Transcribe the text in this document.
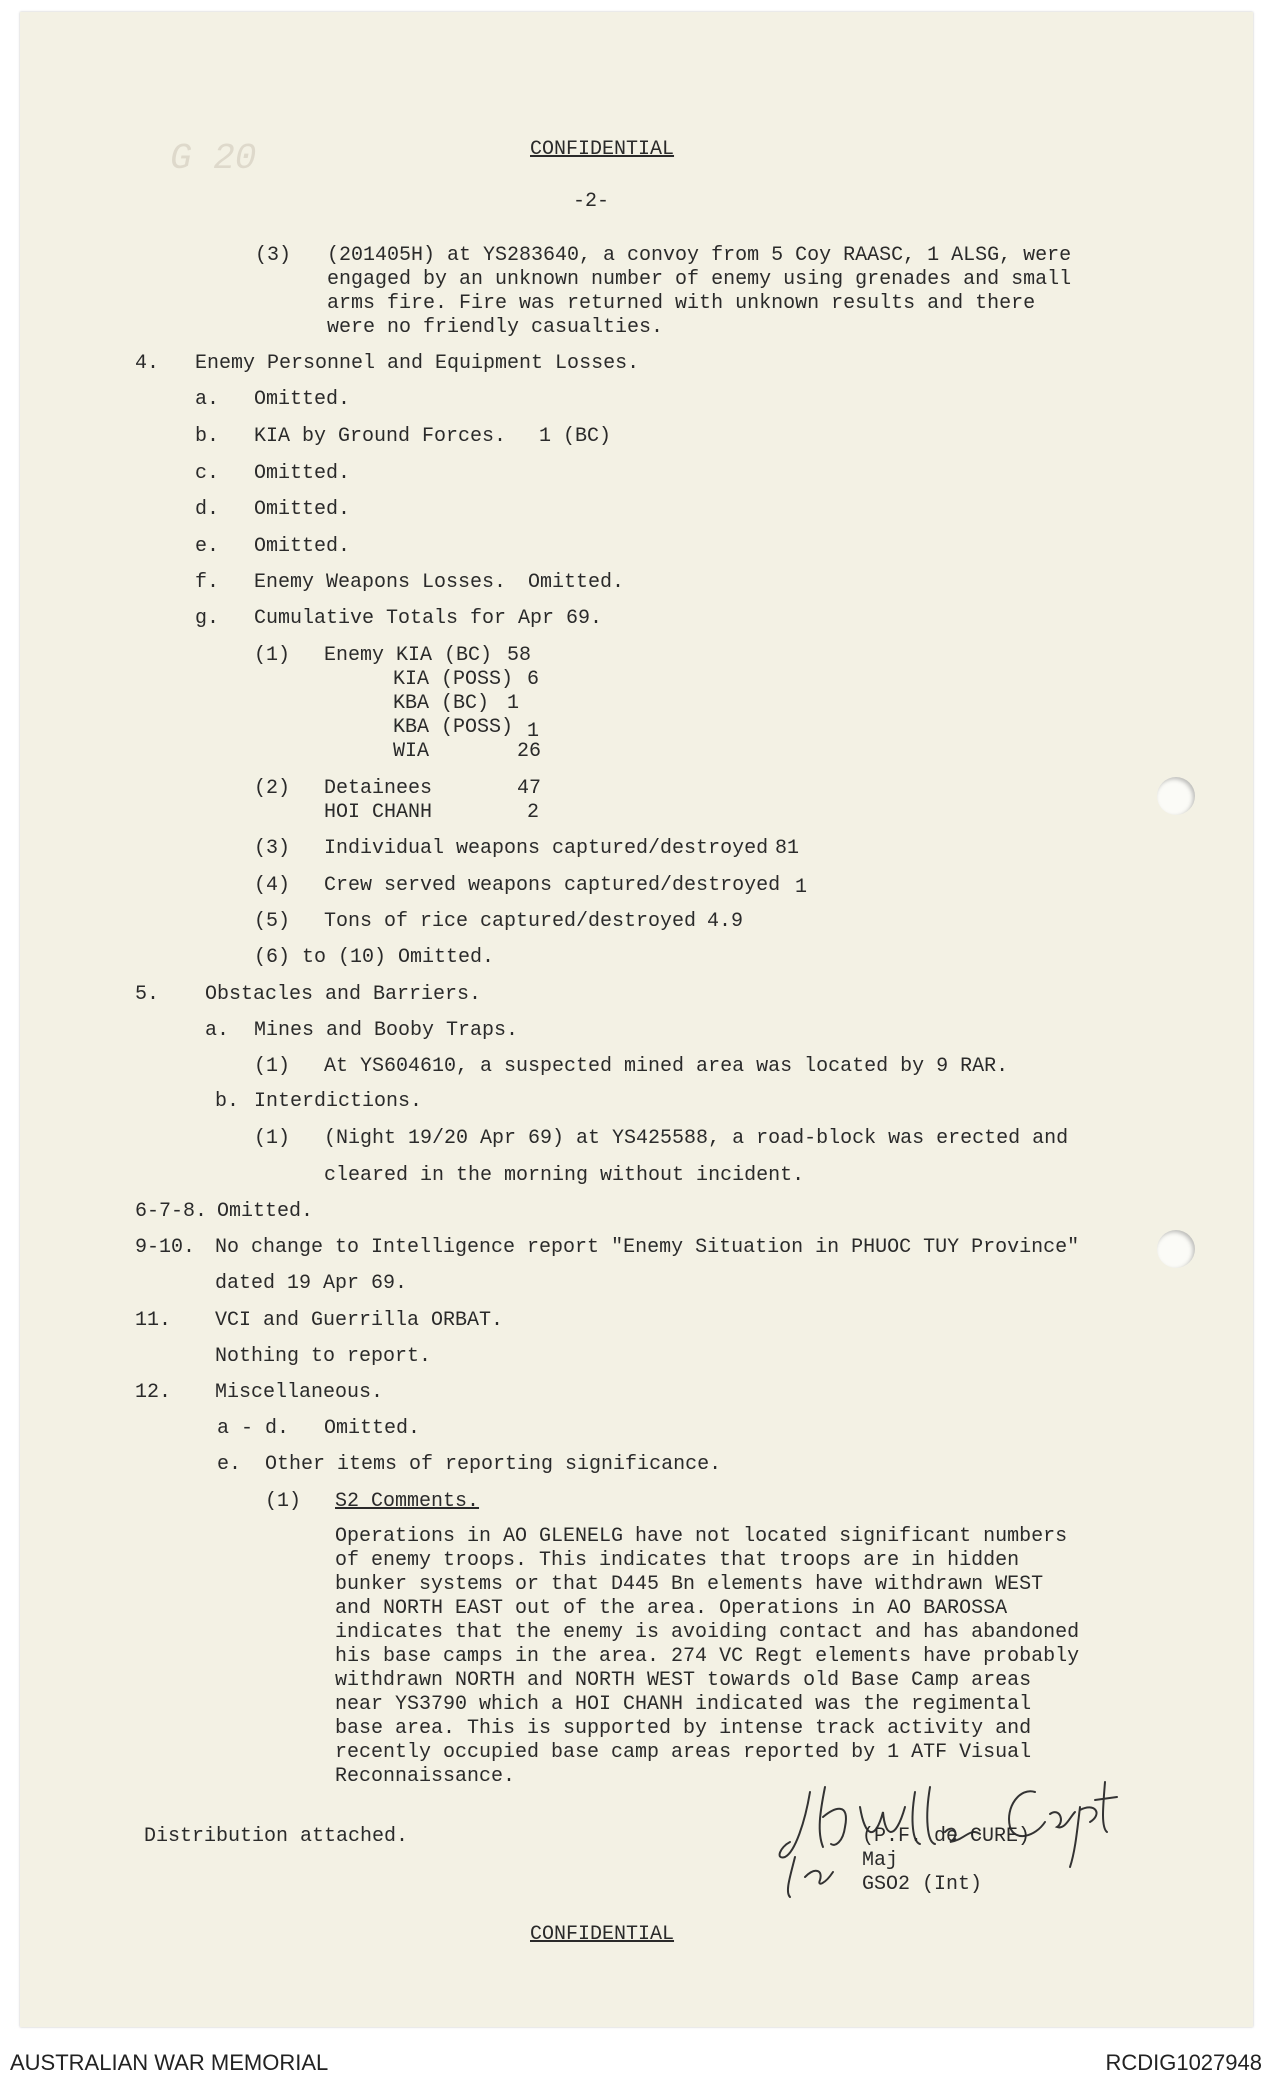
G 20	CONFIDENTIAL
-2-
(3) (201405H) at YS283640, a convoy from 5 Coy RAASC, 1 ALSG, were
engaged by an unknown number of enemy using grenades and small
arms fire. Fire was returned with unknown results and there
were no friendly casualties.
4. Enemy Personnel and Equipment Losses.
a. Omitted.
b. KIA by Ground Forces. 1 (BC)
c. Omitted.
d. Omitted.
e. Omitted.
f. Enemy Weapons Losses. Omitted.
g. Cumulative Totals for Apr 69.
(1) Enemy KIA (BC) 58
KIA (POSS) 6
KBA (BC) 1
KBA (POSS) 1
WIA	26
(2) Detainees	47
HOI CHANH	2
(3) Individual weapons captured/destroyed 81
(4) Crew served weapons captured/destroyed 1
(5) Tons of rice captured/destroyed 4.9
(6) to (10) Omitted.
5. Obstacles and Barriers.
a. Mines and Booby Traps.
(1) At YS604610, a suspected mined area was located by 9 RAR.
b. Interdictions.
(1) (Night 19/20 Apr 69) at YS425588, a road-block was erected and
cleared in the morning without incident.
6-7-8. Omitted.
9-10. No change to Intelligence report "Enemy Situation in PHUOC TUY Province"
dated 19 Apr 69.
11. VCI and Guerrilla ORBAT.
Nothing to report.
12. Miscellaneous.
a - d. Omitted.
e. Other items of reporting significance.
(1) S2 Comments.
Operations in AO GLENELG have not located significant numbers
of enemy troops. This indicates that troops are in hidden
bunker systems or that D445 Bn elements have withdrawn WEST
and NORTH EAST out of the area. Operations in AO BAROSSA
indicates that the enemy is avoiding contact and has abandoned
his base camps in the area. 274 VC Regt elements have probably
withdrawn NORTH and NORTH WEST towards old Base Camp areas
near YS3790 which a HOI CHANH indicated was the regimental
base area. This is supported by intense track activity and
recently occupied base camp areas reported by 1 ATF Visual
Reconnaissance.
Distribution attached.	(P.F. de CURE)
Maj
GSO2 (Int)
CONFIDENTIAL
AUSTRALIAN WAR MEMORIAL	RCDIG1027948
